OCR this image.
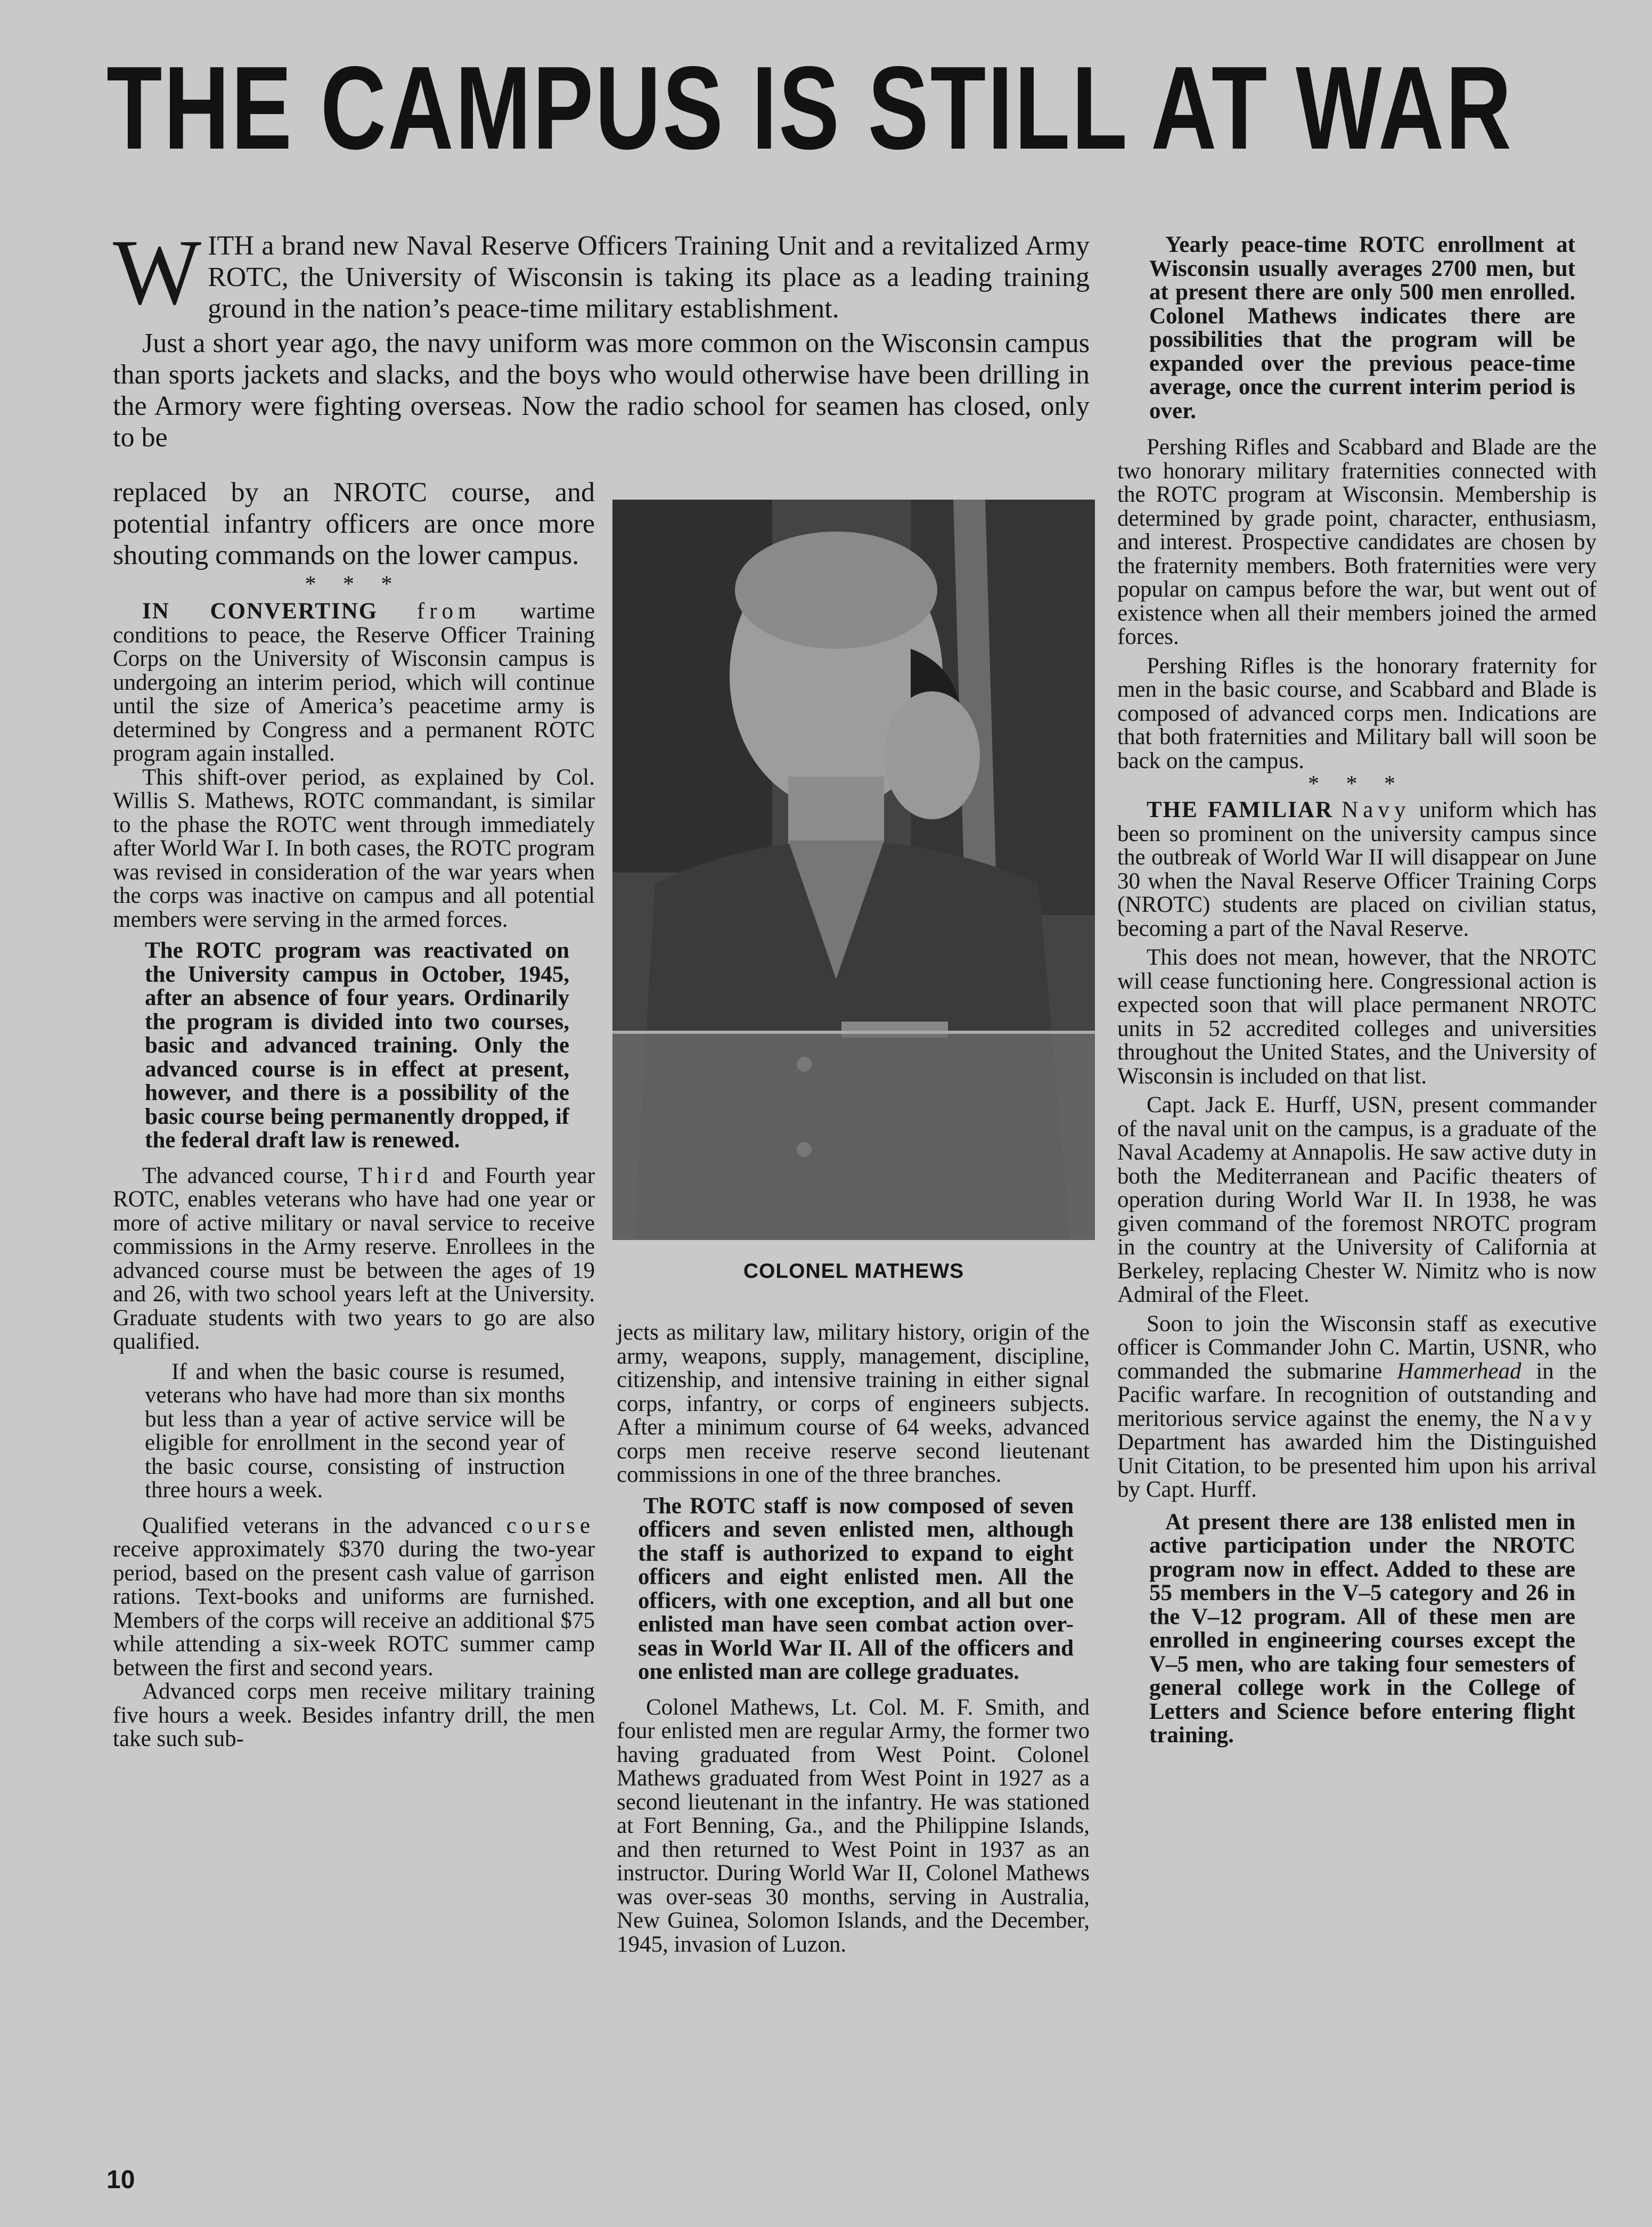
THE CAMPUS IS STILL AT WAR

WITH a brand new Naval Reserve Officers Training Unit and a revitalized Army ROTC, the University of Wisconsin is taking its place as a leading training ground in the nation’s peace-time military establishment.

Just a short year ago, the navy uniform was more common on the Wisconsin campus than sports jackets and slacks, and the boys who would otherwise have been drilling in the Armory were fighting overseas. Now the radio school for seamen has closed, only to be

COLONEL MATHEWS

replaced by an NROTC course, and potential infantry officers are once more shouting commands on the lower campus.

* * *

IN CONVERTING from wartime conditions to peace, the Reserve Officer Training Corps on the University of Wisconsin campus is undergoing an interim period, which will continue until the size of America’s peacetime army is determined by Congress and a permanent ROTC program again installed.

This shift-over period, as explained by Col. Willis S. Mathews, ROTC commandant, is similar to the phase the ROTC went through immediately after World War I. In both cases, the ROTC program was revised in consideration of the war years when the corps was inactive on campus and all potential members were serving in the armed forces.

The ROTC program was reactivated on the University campus in October, 1945, after an absence of four years. Ordinarily the program is divided into two courses, basic and advanced training. Only the advanced course is in effect at present, however, and there is a possibility of the basic course being permanently dropped, if the federal draft law is renewed.

The advanced course, Third and Fourth year ROTC, enables veterans who have had one year or more of active military or naval service to receive commissions in the Army reserve. Enrollees in the advanced course must be between the ages of 19 and 26, with two school years left at the University. Graduate students with two years to go are also qualified.

If and when the basic course is resumed, veterans who have had more than six months but less than a year of active service will be eligible for enrollment in the second year of the basic course, consisting of instruction three hours a week.

Qualified veterans in the advanced course receive approximately $370 during the two-year period, based on the present cash value of garrison rations. Text-books and uniforms are furnished. Members of the corps will receive an additional $75 while attending a six-week ROTC summer camp between the first and second years.

Advanced corps men receive military training five hours a week. Besides infantry drill, the men take such sub-

jects as military law, military history, origin of the army, weapons, supply, management, discipline, citizenship, and intensive training in either signal corps, infantry, or corps of engineers subjects. After a minimum course of 64 weeks, advanced corps men receive reserve second lieutenant commissions in one of the three branches.

The ROTC staff is now composed of seven officers and seven enlisted men, although the staff is authorized to expand to eight officers and eight enlisted men. All the officers, with one exception, and all but one enlisted man have seen combat action over-seas in World War II. All of the officers and one enlisted man are college graduates.

Colonel Mathews, Lt. Col. M. F. Smith, and four enlisted men are regular Army, the former two having graduated from West Point. Colonel Mathews graduated from West Point in 1927 as a second lieutenant in the infantry. He was stationed at Fort Benning, Ga., and the Philippine Islands, and then returned to West Point in 1937 as an instructor. During World War II, Colonel Mathews was over-seas 30 months, serving in Australia, New Guinea, Solomon Islands, and the December, 1945, invasion of Luzon.

Yearly peace-time ROTC enrollment at Wisconsin usually averages 2700 men, but at present there are only 500 men enrolled. Colonel Mathews indicates there are possibilities that the program will be expanded over the previous peace-time average, once the current interim period is over.

Pershing Rifles and Scabbard and Blade are the two honorary military fraternities connected with the ROTC program at Wisconsin. Membership is determined by grade point, character, enthusiasm, and interest. Prospective candidates are chosen by the fraternity members. Both fraternities were very popular on campus before the war, but went out of existence when all their members joined the armed forces.

Pershing Rifles is the honorary fraternity for men in the basic course, and Scabbard and Blade is composed of advanced corps men. Indications are that both fraternities and Military ball will soon be back on the campus.

* * *

THE FAMILIAR Navy uniform which has been so prominent on the university campus since the outbreak of World War II will disappear on June 30 when the Naval Reserve Officer Training Corps (NROTC) students are placed on civilian status, becoming a part of the Naval Reserve.

This does not mean, however, that the NROTC will cease functioning here. Congressional action is expected soon that will place permanent NROTC units in 52 accredited colleges and universities throughout the United States, and the University of Wisconsin is included on that list.

Capt. Jack E. Hurff, USN, present commander of the naval unit on the campus, is a graduate of the Naval Academy at Annapolis. He saw active duty in both the Mediterranean and Pacific theaters of operation during World War II. In 1938, he was given command of the foremost NROTC program in the country at the University of California at Berkeley, replacing Chester W. Nimitz who is now Admiral of the Fleet.

Soon to join the Wisconsin staff as executive officer is Commander John C. Martin, USNR, who commanded the submarine Hammerhead in the Pacific warfare. In recognition of outstanding and meritorious service against the enemy, the Navy Department has awarded him the Distinguished Unit Citation, to be presented him upon his arrival by Capt. Hurff.

At present there are 138 enlisted men in active participation under the NROTC program now in effect. Added to these are 55 members in the V–5 category and 26 in the V–12 program. All of these men are enrolled in engineering courses except the V–5 men, who are taking four semesters of general college work in the College of Letters and Science before entering flight training.

10
